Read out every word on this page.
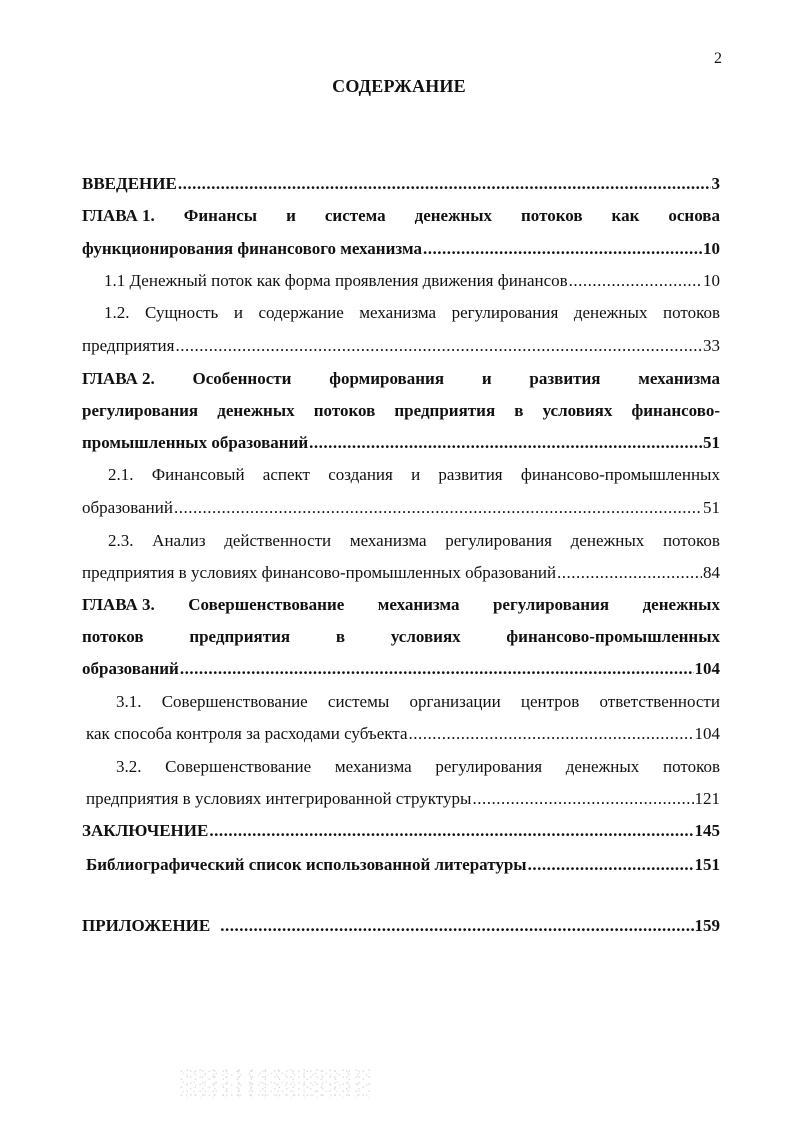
2
СОДЕРЖАНИЕ
ВВЕДЕНИЕ .....	3
ГЛАВА 1. Финансы и система денежных потоков как основа
функционирования финансового механизма .....	10
1.1 Денежный поток как форма проявления движения финансов .....	10
1.2. Сущность и содержание механизма регулирования денежных потоков
предприятия .....	33
ГЛАВА 2. Особенности формирования и развития механизма
регулирования денежных потоков предприятия в условиях финансово-
промышленных образований .....	51
2.1. Финансовый аспект создания и развития финансово-промышленных
образований .....	51
2.3. Анализ действенности механизма регулирования денежных потоков
предприятия в условиях финансово-промышленных образований .....	84
ГЛАВА 3. Совершенствование механизма регулирования денежных
потоков	предприятия	в	условиях	финансово-промышленных
образований .....	104
3.1. Совершенствование системы организации центров ответственности
как способа контроля за расходами субъекта .....	104
3.2. Совершенствование механизма регулирования денежных потоков
предприятия в условиях интегрированной структуры .....	121
ЗАКЛЮЧЕНИЕ .....	145
Библиографический список использованной литературы .....	151
ПРИЛОЖЕНИЕ .....	159
